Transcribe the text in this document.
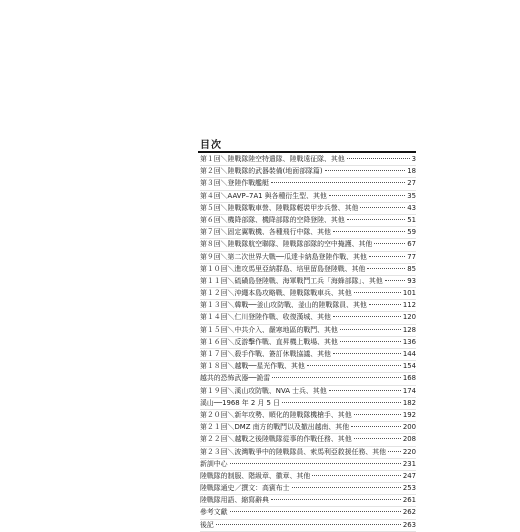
目次
第１回＼陸戰隊陸空特遣隊、陸戰遠征隊、其他	3
第２回＼陸戰隊的武器裝備(地面部隊篇)	18
第３回＼登陸作戰艦艇	27
第４回＼AAVP–7A1 與各種衍生型、其他	35
第５回＼陸戰隊戰車營、陸戰隊輕裝甲步兵營、其他	43
第６回＼機降部隊、機降部隊的空降登陸、其他	51
第７回＼固定翼戰機、各種飛行中隊、其他	59
第８回＼陸戰隊航空聯隊、陸戰隊部隊的空中掩護、其他	67
第９回＼第二次世界大戰──瓜達卡納島登陸作戰、其他	77
第１０回＼進攻馬里亞納群島、培里留島登陸戰、其他	85
第１１回＼硫磺島登陸戰、海軍戰鬥工兵「海蜂部隊」、其他	93
第１２回＼沖繩本島攻略戰、陸戰隊戰車兵、其他	101
第１３回＼韓戰──釜山攻防戰、釜山的陸戰隊員、其他	112
第１４回＼仁川登陸作戰、收復漢城、其他	120
第１５回＼中共介入、嚴寒地區的戰鬥、其他	128
第１６回＼反游擊作戰、直昇機上戰場、其他	136
第１７回＼殺手作戰、簽訂休戰協議、其他	144
第１８回＼越戰──星光作戰、其他	154
越共的恐怖武器──詭雷	168
第１９回＼溪山攻防戰、NVA 士兵、其他	174
溪山──1968 年 2 月 5 日	182
第２０回＼新年攻勢、順化的陸戰隊機槍手、其他	192
第２１回＼DMZ 南方的戰鬥以及撤出越南、其他	200
第２２回＼越戰之後陸戰隊從事的作戰任務、其他	208
第２３回＼波灣戰爭中的陸戰隊員、索馬利亞救援任務、其他 220
新訓中心	231
陸戰隊的制服、階級章、徽章、其他	247
陸戰隊通史／撰文：高賓布士	253
陸戰隊用語、縮寫辭典	261
參考文獻	262
後記	263
